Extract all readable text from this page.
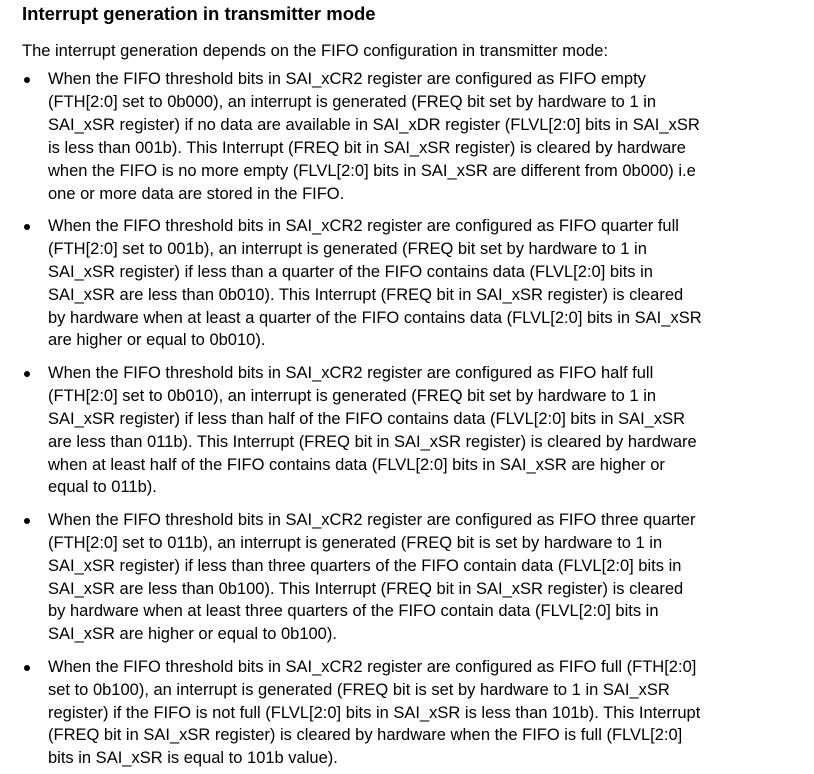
Interrupt generation in transmitter mode

The interrupt generation depends on the FIFO configuration in transmitter mode:

When the FIFO threshold bits in SAI_xCR2 register are configured as FIFO empty
(FTH[2:0] set to 0b000), an interrupt is generated (FREQ bit set by hardware to 1 in
SAI_xSR register) if no data are available in SAI_xDR register (FLVL[2:0] bits in SAI_xSR
is less than 001b). This Interrupt (FREQ bit in SAI_xSR register) is cleared by hardware
when the FIFO is no more empty (FLVL[2:0] bits in SAI_xSR are different from 0b000) i.e
one or more data are stored in the FIFO.
When the FIFO threshold bits in SAI_xCR2 register are configured as FIFO quarter full
(FTH[2:0] set to 001b), an interrupt is generated (FREQ bit set by hardware to 1 in
SAI_xSR register) if less than a quarter of the FIFO contains data (FLVL[2:0] bits in
SAI_xSR are less than 0b010). This Interrupt (FREQ bit in SAI_xSR register) is cleared
by hardware when at least a quarter of the FIFO contains data (FLVL[2:0] bits in SAI_xSR
are higher or equal to 0b010).
When the FIFO threshold bits in SAI_xCR2 register are configured as FIFO half full
(FTH[2:0] set to 0b010), an interrupt is generated (FREQ bit set by hardware to 1 in
SAI_xSR register) if less than half of the FIFO contains data (FLVL[2:0] bits in SAI_xSR
are less than 011b). This Interrupt (FREQ bit in SAI_xSR register) is cleared by hardware
when at least half of the FIFO contains data (FLVL[2:0] bits in SAI_xSR are higher or
equal to 011b).
When the FIFO threshold bits in SAI_xCR2 register are configured as FIFO three quarter
(FTH[2:0] set to 011b), an interrupt is generated (FREQ bit is set by hardware to 1 in
SAI_xSR register) if less than three quarters of the FIFO contain data (FLVL[2:0] bits in
SAI_xSR are less than 0b100). This Interrupt (FREQ bit in SAI_xSR register) is cleared
by hardware when at least three quarters of the FIFO contain data (FLVL[2:0] bits in
SAI_xSR are higher or equal to 0b100).
When the FIFO threshold bits in SAI_xCR2 register are configured as FIFO full (FTH[2:0]
set to 0b100), an interrupt is generated (FREQ bit is set by hardware to 1 in SAI_xSR
register) if the FIFO is not full (FLVL[2:0] bits in SAI_xSR is less than 101b). This Interrupt
(FREQ bit in SAI_xSR register) is cleared by hardware when the FIFO is full (FLVL[2:0]
bits in SAI_xSR is equal to 101b value).
